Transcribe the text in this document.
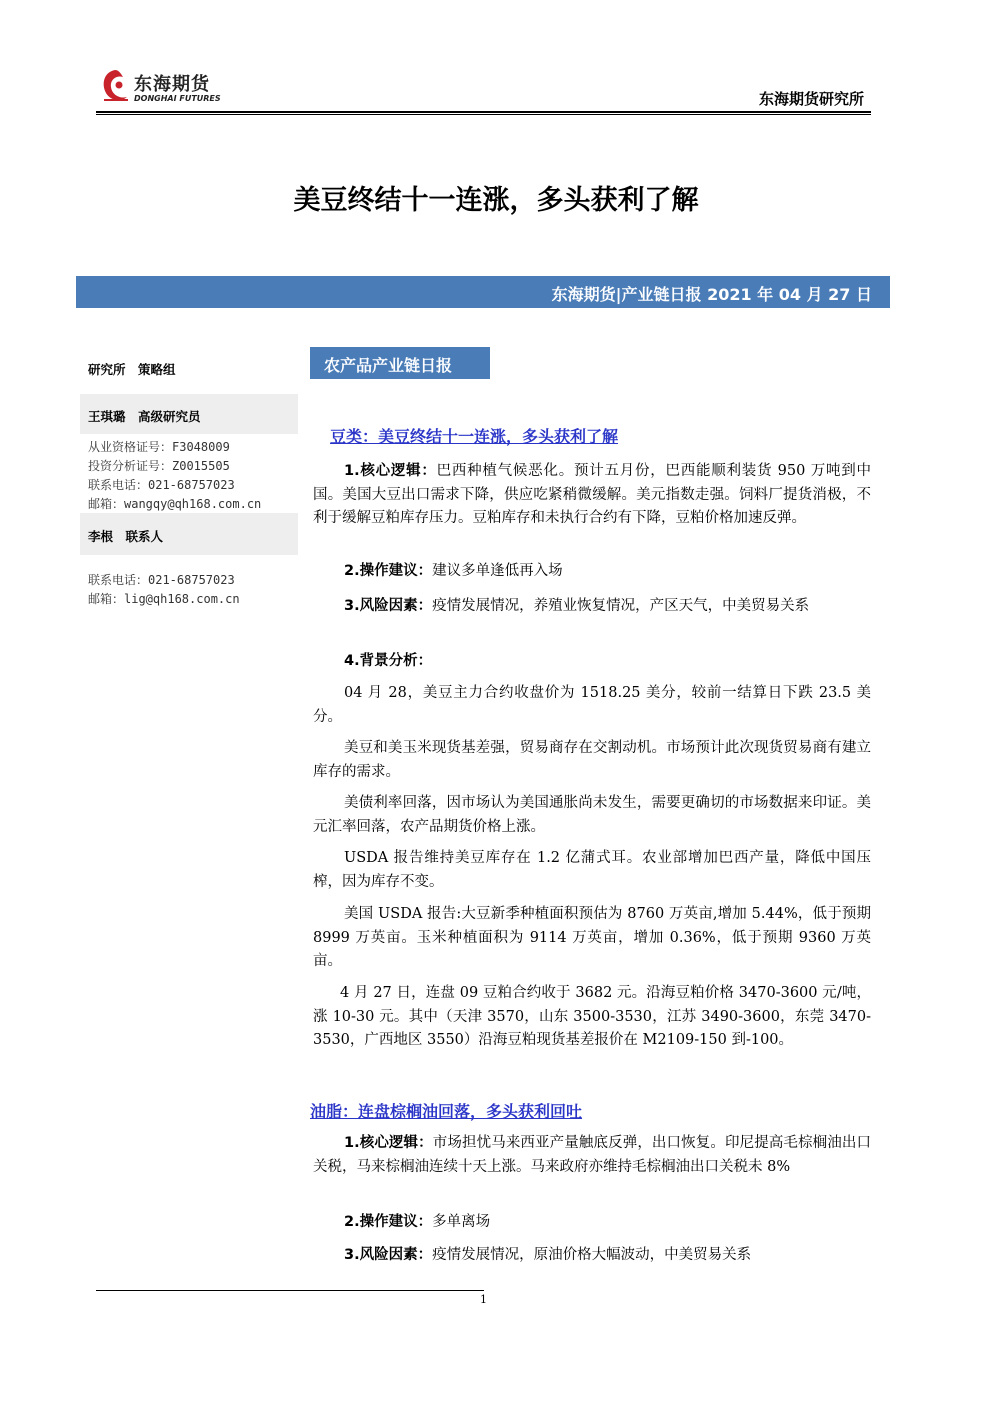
东海期货
DONGHAI FUTURES	东海期货研究所
美豆终结十一连涨，多头获利了解
东海期货|产业链日报 2021 年 04 月 27 日
研究所　策略组
王琪璐　高级研究员
从业资格证号：F3048009
投资分析证号：Z0015505
联系电话：021-68757023
邮箱：wangqy@qh168.com.cn
李根　联系人
联系电话：021-68757023
邮箱：lig@qh168.com.cn
农产品产业链日报
豆类：美豆终结十一连涨，多头获利了解
1.核心逻辑：巴西种植气候恶化。预计五月份，巴西能顺利装货 950 万吨到中国。美国大豆出口需求下降，供应吃紧稍微缓解。美元指数走强。饲料厂提货消极，不利于缓解豆粕库存压力。豆粕库存和未执行合约有下降，豆粕价格加速反弹。
2.操作建议：建议多单逢低再入场
3.风险因素：疫情发展情况，养殖业恢复情况，产区天气，中美贸易关系
4.背景分析：
04 月 28，美豆主力合约收盘价为 1518.25 美分，较前一结算日下跌 23.5 美分。
美豆和美玉米现货基差强，贸易商存在交割动机。市场预计此次现货贸易商有建立库存的需求。
美债利率回落，因市场认为美国通胀尚未发生，需要更确切的市场数据来印证。美元汇率回落，农产品期货价格上涨。
USDA 报告维持美豆库存在 1.2 亿蒲式耳。农业部增加巴西产量，降低中国压榨，因为库存不变。
美国 USDA 报告:大豆新季种植面积预估为 8760 万英亩,增加 5.44%，低于预期 8999 万英亩。玉米种植面积为 9114 万英亩，增加 0.36%，低于预期 9360 万英亩。
4 月 27 日，连盘 09 豆粕合约收于 3682 元。沿海豆粕价格 3470-3600 元/吨，涨 10-30 元。其中（天津 3570，山东 3500-3530，江苏 3490-3600，东莞 3470-3530，广西地区 3550）沿海豆粕现货基差报价在 M2109-150 到-100。
油脂：连盘棕榈油回落，多头获利回吐
1.核心逻辑：市场担忧马来西亚产量触底反弹，出口恢复。印尼提高毛棕榈油出口关税，马来棕榈油连续十天上涨。马来政府亦维持毛棕榈油出口关税未 8%
2.操作建议：多单离场
3.风险因素：疫情发展情况，原油价格大幅波动，中美贸易关系
1
